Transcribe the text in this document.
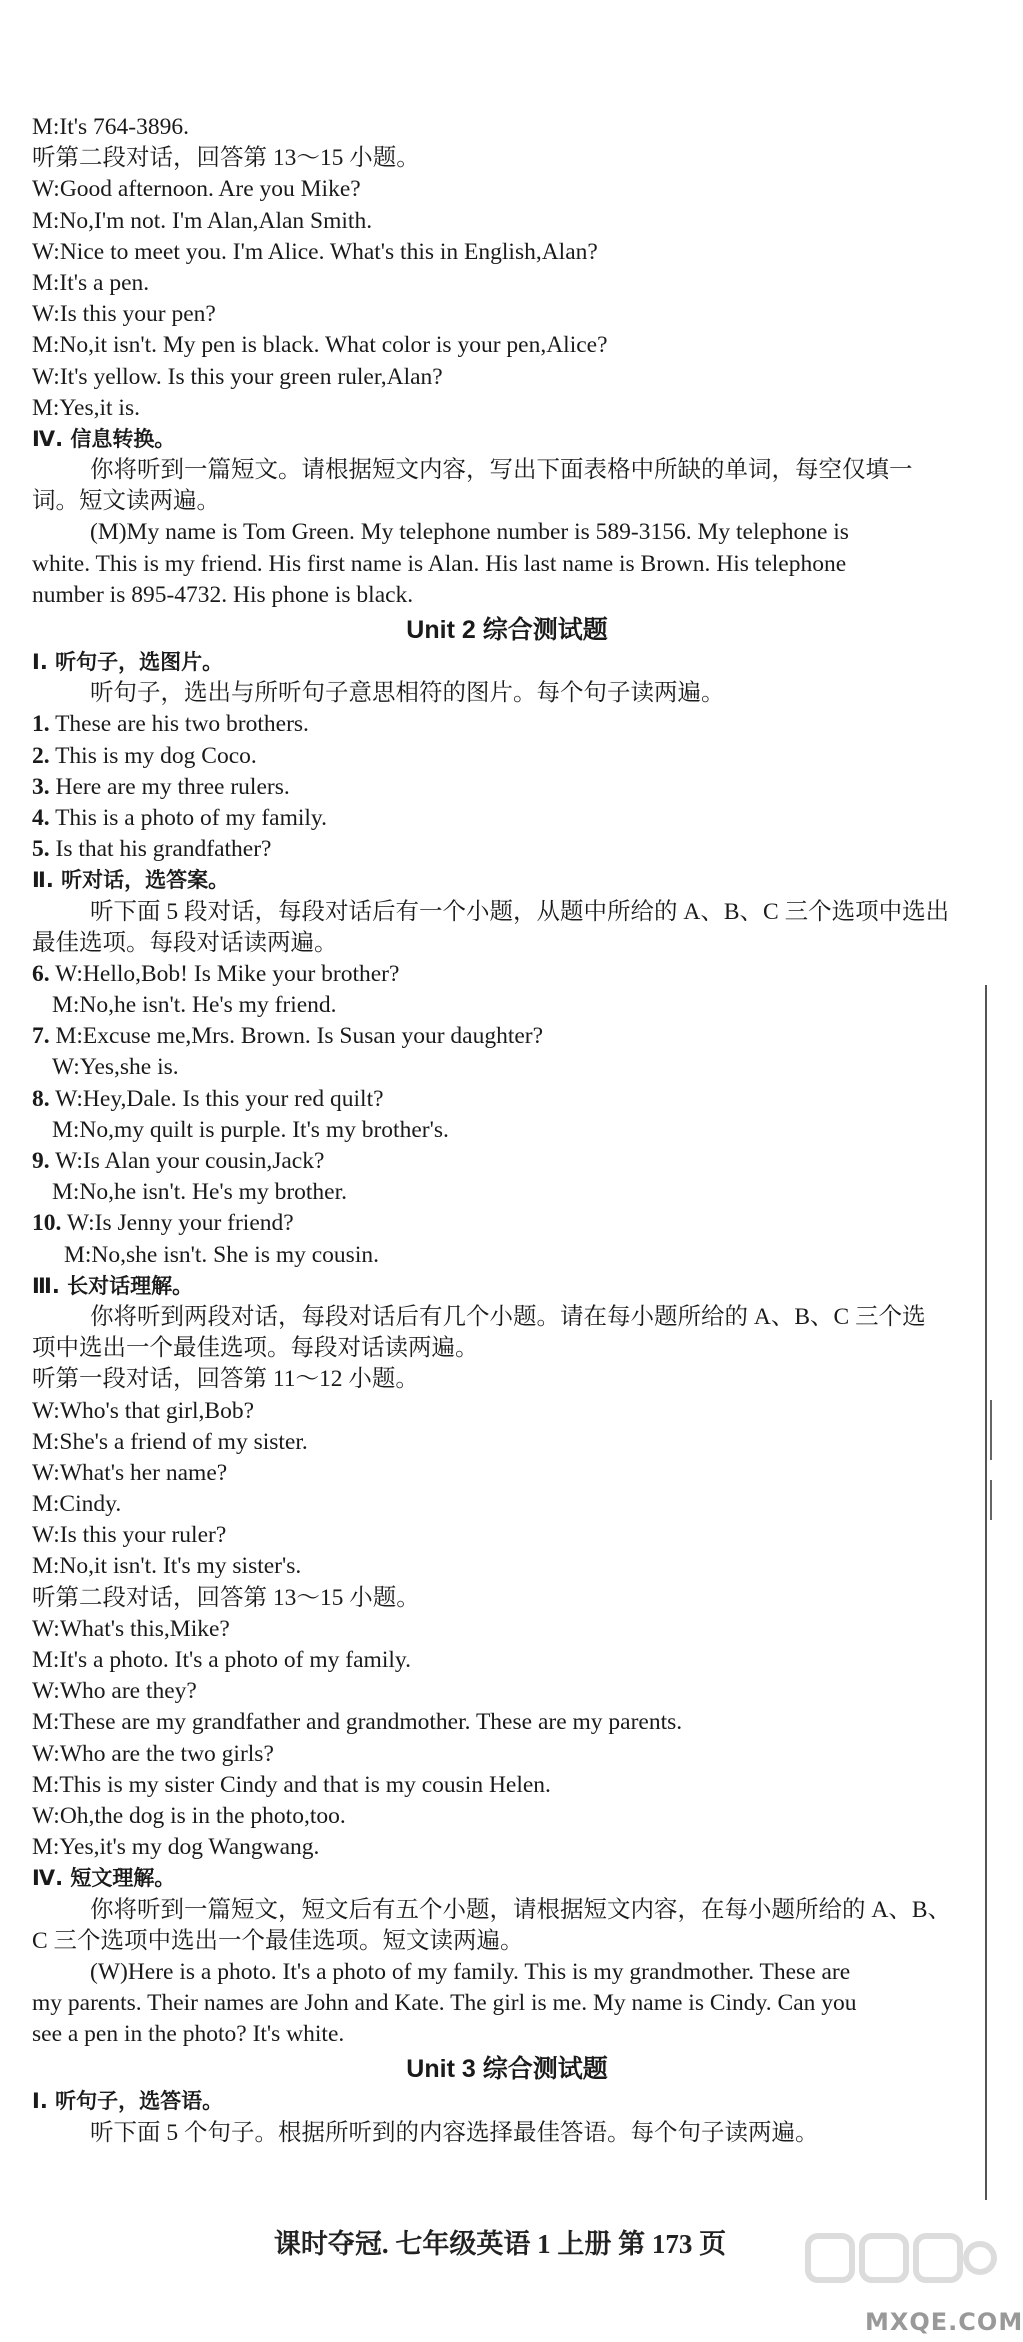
M:It's 764-3896.
听第二段对话，回答第 13～15 小题。
W:Good afternoon. Are you Mike?
M:No,I'm not. I'm Alan,Alan Smith.
W:Nice to meet you. I'm Alice. What's this in English,Alan?
M:It's a pen.
W:Is this your pen?
M:No,it isn't. My pen is black. What color is your pen,Alice?
W:It's yellow. Is this your green ruler,Alan?
M:Yes,it is.
Ⅳ. 信息转换。
你将听到一篇短文。请根据短文内容，写出下面表格中所缺的单词，每空仅填一
词。短文读两遍。
(M)My name is Tom Green. My telephone number is 589-3156. My telephone is
white. This is my friend. His first name is Alan. His last name is Brown. His telephone
number is 895-4732. His phone is black.
Unit 2 综合测试题
Ⅰ. 听句子，选图片。
听句子，选出与所听句子意思相符的图片。每个句子读两遍。
1. These are his two brothers.
2. This is my dog Coco.
3. Here are my three rulers.
4. This is a photo of my family.
5. Is that his grandfather?
Ⅱ. 听对话，选答案。
听下面 5 段对话，每段对话后有一个小题，从题中所给的 A、B、C 三个选项中选出
最佳选项。每段对话读两遍。
6. W:Hello,Bob! Is Mike your brother?
M:No,he isn't. He's my friend.
7. M:Excuse me,Mrs. Brown. Is Susan your daughter?
W:Yes,she is.
8. W:Hey,Dale. Is this your red quilt?
M:No,my quilt is purple. It's my brother's.
9. W:Is Alan your cousin,Jack?
M:No,he isn't. He's my brother.
10. W:Is Jenny your friend?
M:No,she isn't. She is my cousin.
Ⅲ. 长对话理解。
你将听到两段对话，每段对话后有几个小题。请在每小题所给的 A、B、C 三个选
项中选出一个最佳选项。每段对话读两遍。
听第一段对话，回答第 11～12 小题。
W:Who's that girl,Bob?
M:She's a friend of my sister.
W:What's her name?
M:Cindy.
W:Is this your ruler?
M:No,it isn't. It's my sister's.
听第二段对话，回答第 13～15 小题。
W:What's this,Mike?
M:It's a photo. It's a photo of my family.
W:Who are they?
M:These are my grandfather and grandmother. These are my parents.
W:Who are the two girls?
M:This is my sister Cindy and that is my cousin Helen.
W:Oh,the dog is in the photo,too.
M:Yes,it's my dog Wangwang.
Ⅳ. 短文理解。
你将听到一篇短文，短文后有五个小题，请根据短文内容，在每小题所给的 A、B、
C 三个选项中选出一个最佳选项。短文读两遍。
(W)Here is a photo. It's a photo of my family. This is my grandmother. These are
my parents. Their names are John and Kate. The girl is me. My name is Cindy. Can you
see a pen in the photo? It's white.
Unit 3 综合测试题
Ⅰ. 听句子，选答语。
听下面 5 个句子。根据所听到的内容选择最佳答语。每个句子读两遍。
课时夺冠. 七年级英语 1 上册 第 173 页
MXQE.COM
